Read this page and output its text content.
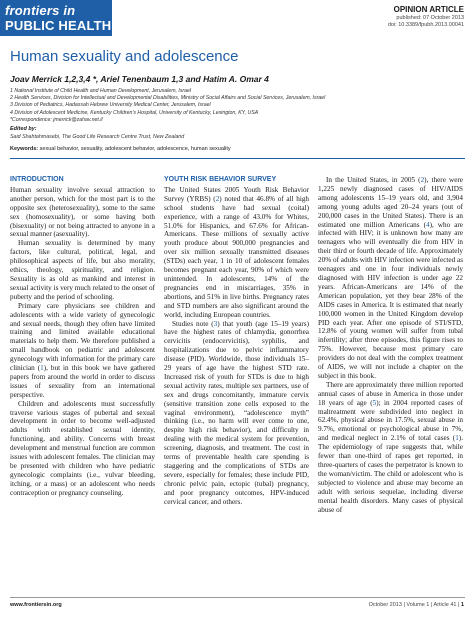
frontiers in
PUBLIC HEALTH
OPINION ARTICLE
published: 07 October 2013
doi: 10.3389/fpubh.2013.00041
Human sexuality and adolescence
Joav Merrick 1,2,3,4 *, Ariel Tenenbaum 1,3 and Hatim A. Omar 4
1 National Institute of Child Health and Human Development, Jerusalem, Israel
2 Health Services, Division for Intellectual and Developmental Disabilities, Ministry of Social Affairs and Social Services, Jerusalem, Israel
3 Division of Pediatrics, Hadassah Hebrew University Medical Center, Jerusalem, Israel
4 Division of Adolescent Medicine, Kentucky Children's Hospital, University of Kentucky, Lexington, KY, USA
*Correspondence: jmerrick@zahav.net.il
Edited by:
Said Shahtahmasebi, The Good Life Research Centre Trust, New Zealand
Keywords: sexual behavior, sexuality, adolescent behavior, adolescence, human sexuality
INTRODUCTION

Human sexuality involve sexual attraction to another person, which for the most part is to the opposite sex (heterosexuality), some to the same sex (homosexuality), or some having both (bisexuality) or not being attracted to anyone in a sexual manner (asexuality).

Human sexuality is determined by many factors, like cultural, political, legal, and philosophical aspects of life, but also morality, ethics, theology, spirituality, and religion. Sexuality is as old as mankind and interest in sexual activity is very much related to the onset of puberty and the period of schooling.

Primary care physicians see children and adolescents with a wide variety of gynecologic and sexual needs, though they often have limited training and limited available educational materials to help them. We therefore published a small handbook on pediatric and adolescent gynecology with information for the primary care clinician (1), but in this book we have gathered papers from around the world in order to discuss issues of sexuality from an international perspective.

Children and adolescents must successfully traverse various stages of pubertal and sexual development in order to become well-adjusted adults with established sexual identity, functioning, and ability. Concerns with breast development and menstrual function are common issues with adolescent females. The clinician may be presented with children who have pediatric gynecologic complaints (i.e., vulvar bleeding, itching, or a mass) or an adolescent who needs contraception or pregnancy counseling.

YOUTH RISK BEHAVIOR SURVEY

The United States 2005 Youth Risk Behavior Survey (YRBS) (2) noted that 46.8% of all high school students have had sexual (coital) experience, with a range of 43.0% for Whites, 51.0% for Hispanics, and 67.6% for African-Americans. These millions of sexually active youth produce about 900,000 pregnancies and over six million sexually transmitted diseases (STDs) each year, 1 in 10 of adolescent females becomes pregnant each year, 90% of which were unintended. In adolescents, 14% of the pregnancies end in miscarriages, 35% in abortions, and 51% in live births. Pregnancy rates and STD numbers are also significant around the world, including European countries.

Studies note (3) that youth (age 15–19 years) have the highest rates of chlamydia, gonorrhea cervicitis (endocervicitis), syphilis, and hospitalizations due to pelvic inflammatory disease (PID). Worldwide, those individuals 15–29 years of age have the highest STD rate. Increased risk of youth for STDs is due to high sexual activity rates, multiple sex partners, use of sex and drugs concomitantly, immature cervix (sensitive transition zone cells exposed to the vaginal environment), “adolescence myth” thinking (i.e., no harm will ever come to one, despite high risk behavior), and difficulty in dealing with the medical system for prevention, screening, diagnosis, and treatment. The cost in terms of preventable health care spending is staggering and the complications of STDs are severe, especially for females; these include PID, chronic pelvic pain, ectopic (tubal) pregnancy, and poor pregnancy outcomes, HPV-induced cervical cancer, and others.

In the United States, in 2005 (2), there were 1,225 newly diagnosed cases of HIV/AIDS among adolescents 15–19 years old, and 3,904 among young adults aged 20–24 years (out of 200,000 cases in the United States). There is an estimated one million Americans (4), who are infected with HIV; it is unknown how many are teenagers who will eventually die from HIV in their third or fourth decade of life. Approximately 20% of adults with HIV infection were infected as teenagers and one in four individuals newly diagnosed with HIV infection is under age 22 years. African-Americans are 14% of the American population, yet they bear 28% of the AIDS cases in America. It is estimated that nearly 100,000 women in the United Kingdom develop PID each year. After one episode of STI/STD, 12.8% of young women will suffer from tubal infertility; after three episodes, this figure rises to 75%. However, because most primary care providers do not deal with the complex treatment of AIDS, we will not include a chapter on the subject in this book.

There are approximately three million reported annual cases of abuse in America in those under 18 years of age (5); in 2004 reported cases of maltreatment were subdivided into neglect in 62.4%, physical abuse in 17.5%, sexual abuse in 9.7%, emotional or psychological abuse in 7%, and medical neglect in 2.1% of total cases (1). The epidemiology of rape suggests that, while fewer than one-third of rapes get reported, in three-quarters of cases the perpetrator is known to the woman/victim. The child or adolescent who is subjected to violence and abuse may become an adult with serious sequelae, including diverse mental health disorders. Many cases of physical abuse of

www.frontiersin.org	October 2013 | Volume 1 | Article 41 | 1
